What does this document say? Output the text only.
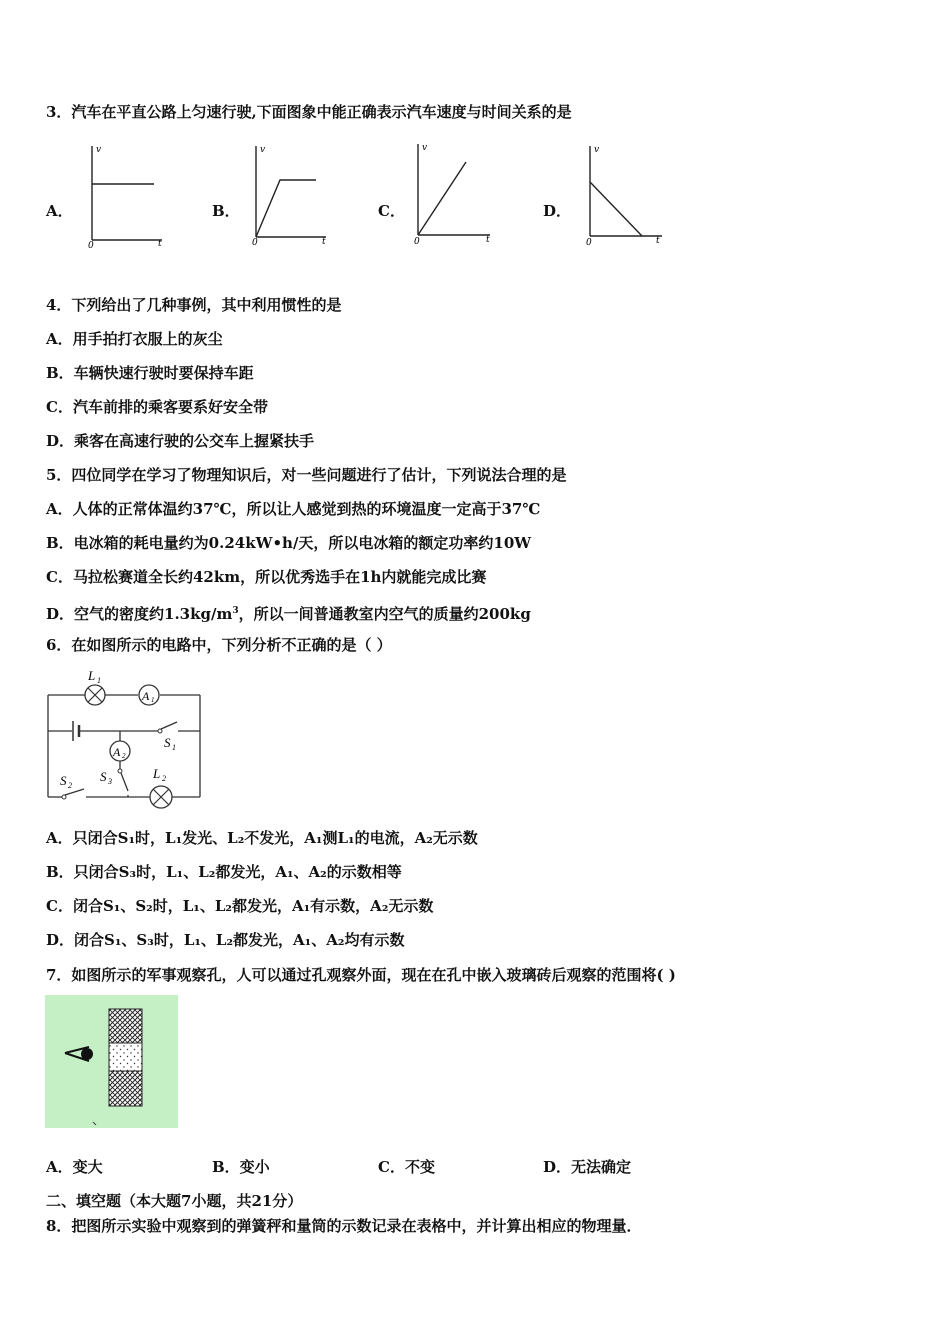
3．汽车在平直公路上匀速行驶,下面图象中能正确表示汽车速度与时间关系的是
A．
v
t
0
B．
v
t
0
C．
v
t
0
D．
v
t
0
4．下列给出了几种事例，其中利用惯性的是
A．用手拍打衣服上的灰尘
B．车辆快速行驶时要保持车距
C．汽车前排的乘客要系好安全带
D．乘客在高速行驶的公交车上握紧扶手
5．四位同学在学习了物理知识后，对一些问题进行了估计，下列说法合理的是
A．人体的正常体温约37℃，所以让人感觉到热的环境温度一定高于37℃
B．电冰箱的耗电量约为0.24kW•h/天，所以电冰箱的额定功率约10W
C．马拉松赛道全长约42km，所以优秀选手在1h内就能完成比赛
D．空气的密度约$1.3kg/m^3$，所以一间普通教室内空气的质量约200kg
6．在如图所示的电路中，下列分析不正确的是（ ）
L 1
A 1
S 1
A 2
S 3
S 2
L 2
A．只闭合S₁时，L₁发光、L₂不发光，A₁测L₁的电流，A₂无示数
B．只闭合S₃时，L₁、L₂都发光，A₁、A₂的示数相等
C．闭合S₁、S₂时，L₁、L₂都发光，A₁有示数，A₂无示数
D．闭合S₁、S₃时，L₁、L₂都发光，A₁、A₂均有示数
7．如图所示的军事观察孔，人可以通过孔观察外面，现在在孔中嵌入玻璃砖后观察的范围将( )
A．变大	B．变小	C．不变	D．无法确定
二、填空题（本大题7小题，共21分）
8．把图所示实验中观察到的弹簧秤和量筒的示数记录在表格中，并计算出相应的物理量．
